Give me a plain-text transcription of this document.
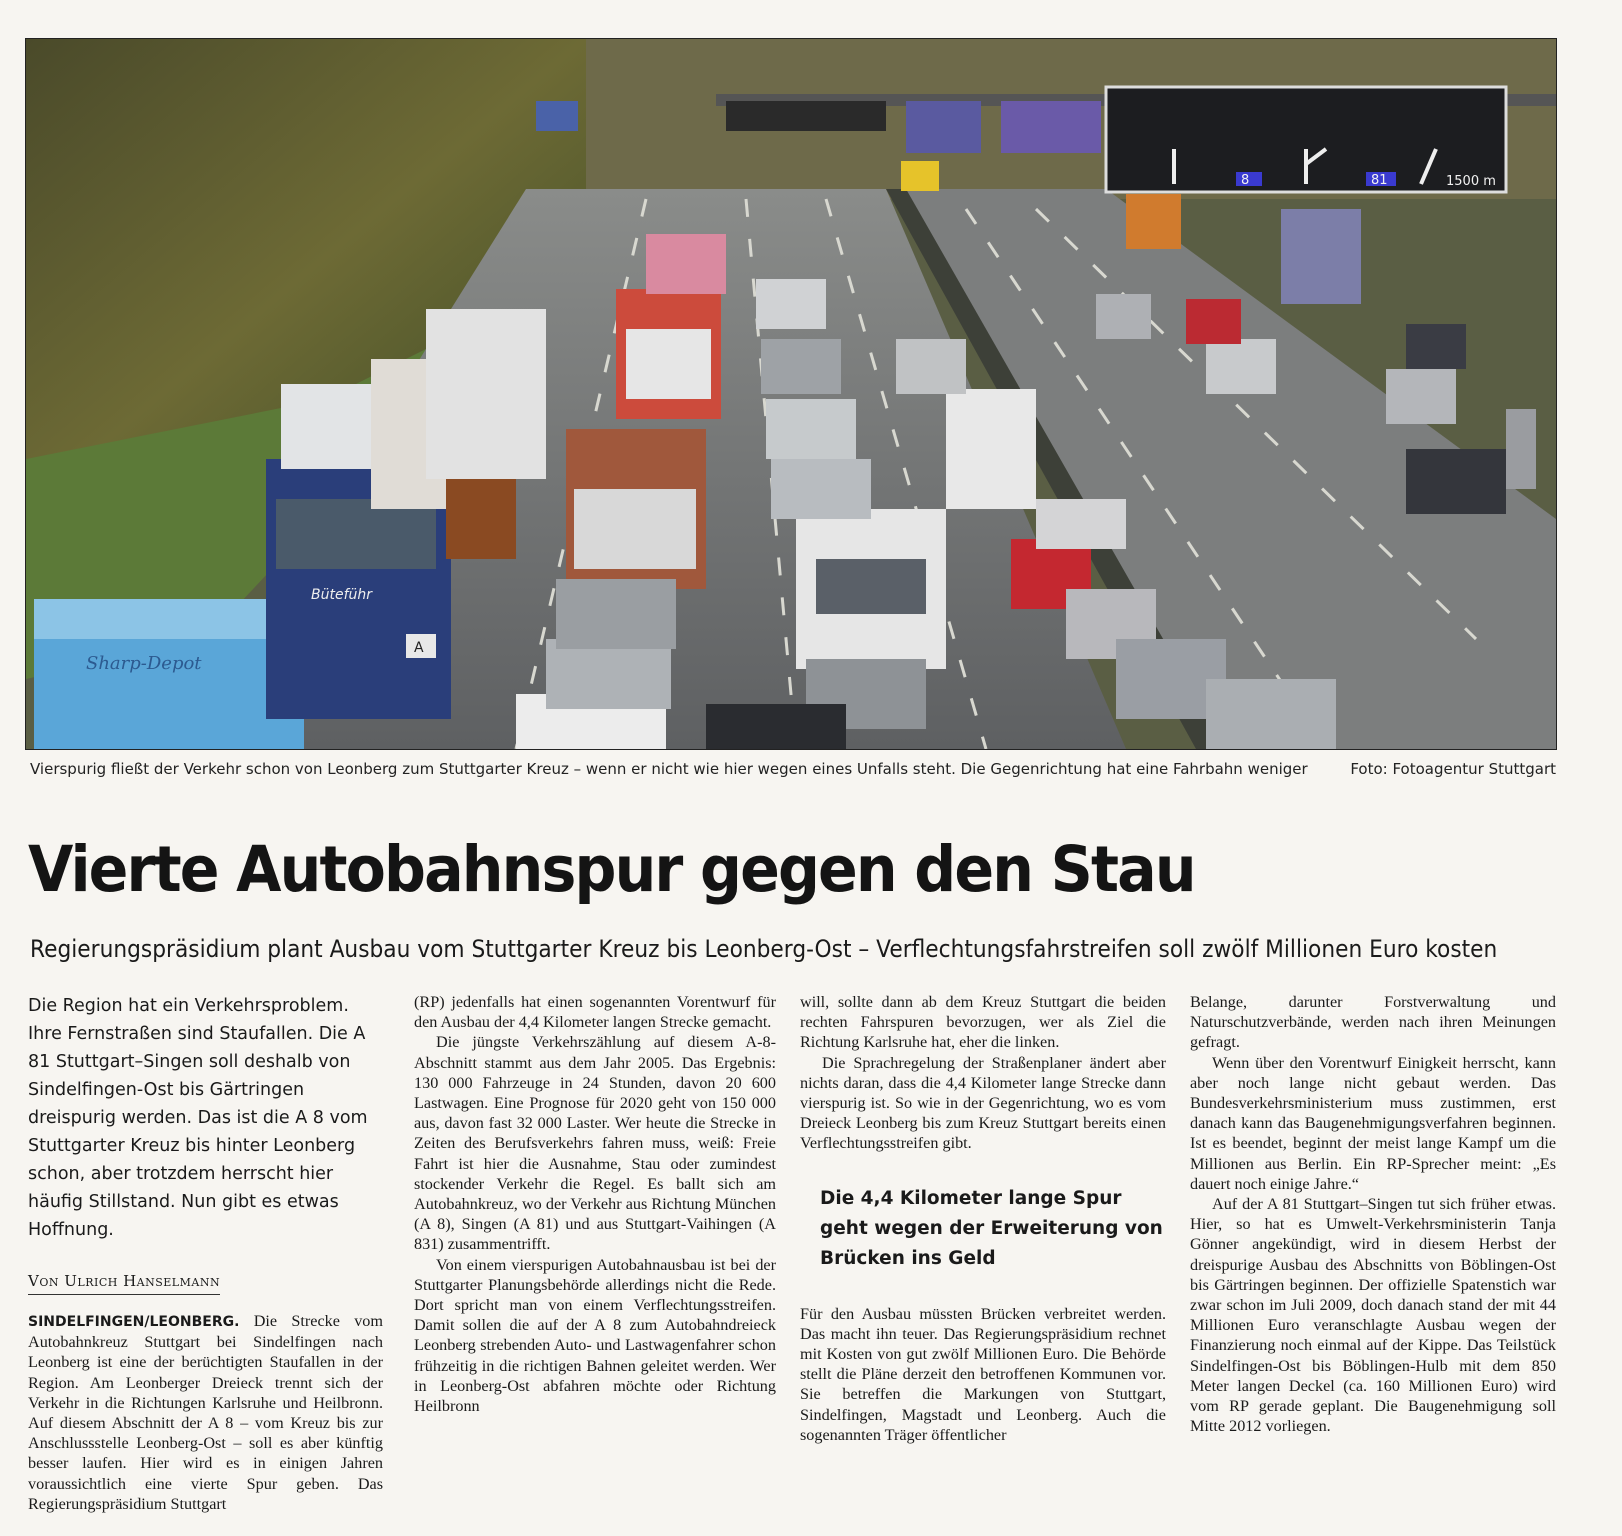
8	81	1500 m
Sharp-Depot
Büteführ
A
Vierspurig fließt der Verkehr schon von Leonberg zum Stuttgarter Kreuz – wenn er nicht wie hier wegen eines Unfalls steht. Die Gegenrichtung hat eine Fahrbahn weniger	Foto: Fotoagentur Stuttgart
Vierte Autobahnspur gegen den Stau

Regierungspräsidium plant Ausbau vom Stuttgarter Kreuz bis Leonberg-Ost – Verflechtungsfahrstreifen soll zwölf Millionen Euro kosten

Die Region hat ein Verkehrsproblem. Ihre Fernstraßen sind Staufallen. Die A 81 Stuttgart–Singen soll deshalb von Sindelfingen-Ost bis Gärtringen dreispurig werden. Das ist die A 8 vom Stuttgarter Kreuz bis hinter Leonberg schon, aber trotzdem herrscht hier häufig Stillstand. Nun gibt es etwas Hoffnung.

Von Ulrich Hanselmann

SINDELFINGEN/LEONBERG. Die Strecke vom Autobahnkreuz Stuttgart bei Sindelfingen nach Leonberg ist eine der berüchtigten Staufallen in der Region. Am Leonberger Dreieck trennt sich der Verkehr in die Richtungen Karlsruhe und Heilbronn. Auf diesem Abschnitt der A 8 – vom Kreuz bis zur Anschlussstelle Leonberg-Ost – soll es aber künftig besser laufen. Hier wird es in einigen Jahren voraussichtlich eine vierte Spur geben. Das Regierungspräsidium Stuttgart

(RP) jedenfalls hat einen sogenannten Vorentwurf für den Ausbau der 4,4 Kilometer langen Strecke gemacht.

Die jüngste Verkehrszählung auf diesem A-8-Abschnitt stammt aus dem Jahr 2005. Das Ergebnis: 130 000 Fahrzeuge in 24 Stunden, davon 20 600 Lastwagen. Eine Prognose für 2020 geht von 150 000 aus, davon fast 32 000 Laster. Wer heute die Strecke in Zeiten des Berufsverkehrs fahren muss, weiß: Freie Fahrt ist hier die Ausnahme, Stau oder zumindest stockender Verkehr die Regel. Es ballt sich am Autobahnkreuz, wo der Verkehr aus Richtung München (A 8), Singen (A 81) und aus Stuttgart-Vaihingen (A 831) zusammentrifft.

Von einem vierspurigen Autobahnausbau ist bei der Stuttgarter Planungsbehörde allerdings nicht die Rede. Dort spricht man von einem Verflechtungsstreifen. Damit sollen die auf der A 8 zum Autobahndreieck Leonberg strebenden Auto- und Lastwagenfahrer schon frühzeitig in die richtigen Bahnen geleitet werden. Wer in Leonberg-Ost abfahren möchte oder Richtung Heilbronn

will, sollte dann ab dem Kreuz Stuttgart die beiden rechten Fahrspuren bevorzugen, wer als Ziel die Richtung Karlsruhe hat, eher die linken.

Die Sprachregelung der Straßenplaner ändert aber nichts daran, dass die 4,4 Kilometer lange Strecke dann vierspurig ist. So wie in der Gegenrichtung, wo es vom Dreieck Leonberg bis zum Kreuz Stuttgart bereits einen Verflechtungsstreifen gibt.

Die 4,4 Kilometer lange Spur geht wegen der Erweiterung von Brücken ins Geld

Für den Ausbau müssten Brücken verbreitet werden. Das macht ihn teuer. Das Regierungspräsidium rechnet mit Kosten von gut zwölf Millionen Euro. Die Behörde stellt die Pläne derzeit den betroffenen Kommunen vor. Sie betreffen die Markungen von Stuttgart, Sindelfingen, Magstadt und Leonberg. Auch die sogenannten Träger öffentlicher

Belange, darunter Forstverwaltung und Naturschutzverbände, werden nach ihren Meinungen gefragt.

Wenn über den Vorentwurf Einigkeit herrscht, kann aber noch lange nicht gebaut werden. Das Bundesverkehrsministerium muss zustimmen, erst danach kann das Baugenehmigungsverfahren beginnen. Ist es beendet, beginnt der meist lange Kampf um die Millionen aus Berlin. Ein RP-Sprecher meint: „Es dauert noch einige Jahre.“

Auf der A 81 Stuttgart–Singen tut sich früher etwas. Hier, so hat es Umwelt-Verkehrsministerin Tanja Gönner angekündigt, wird in diesem Herbst der dreispurige Ausbau des Abschnitts von Böblingen-Ost bis Gärtringen beginnen. Der offizielle Spatenstich war zwar schon im Juli 2009, doch danach stand der mit 44 Millionen Euro veranschlagte Ausbau wegen der Finanzierung noch einmal auf der Kippe. Das Teilstück Sindelfingen-Ost bis Böblingen-Hulb mit dem 850 Meter langen Deckel (ca. 160 Millionen Euro) wird vom RP gerade geplant. Die Baugenehmigung soll Mitte 2012 vorliegen.
